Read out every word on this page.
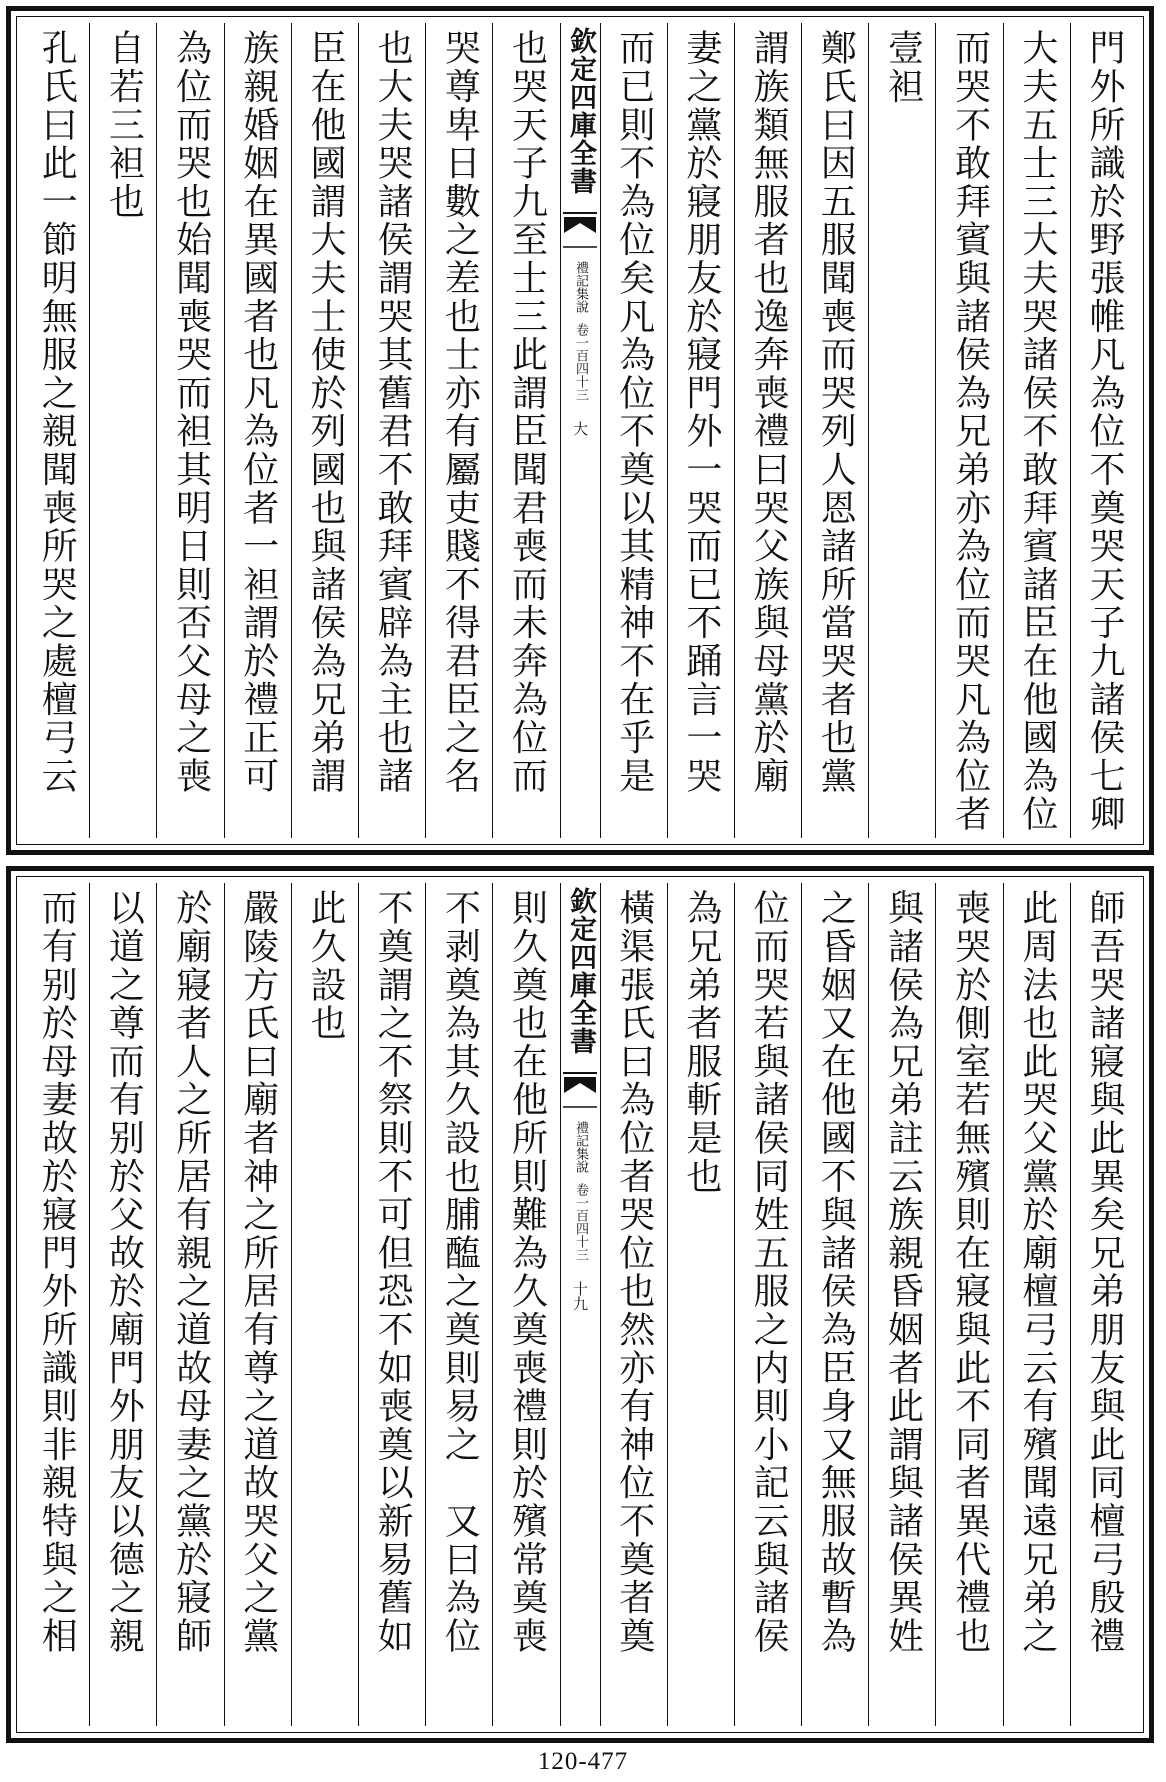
門外所識於野張帷凡為位不奠哭天子九諸侯七卿
大夫五士三大夫哭諸侯不敢拜賓諸臣在他國為位
而哭不敢拜賓與諸侯為兄弟亦為位而哭凡為位者
壹袒
鄭氏曰因五服聞喪而哭列人恩諸所當哭者也黨
謂族類無服者也逸奔喪禮曰哭父族與母黨於廟
妻之黨於寢朋友於寢門外一哭而已不踊言一哭
而已則不為位矣凡為位不奠以其精神不在乎是
欽定四庫全書
禮記集說
卷一百四十三
大
也哭天子九至士三此謂臣聞君喪而未奔為位而
哭尊卑日數之差也士亦有屬吏賤不得君臣之名
也大夫哭諸侯謂哭其舊君不敢拜賓辟為主也諸
臣在他國謂大夫士使於列國也與諸侯為兄弟謂
族親婚姻在異國者也凡為位者一袒謂於禮正可
為位而哭也始聞喪哭而袒其明日則否父母之喪
自若三袒也
孔氏曰此一節明無服之親聞喪所哭之處檀弓云
師吾哭諸寢與此異矣兄弟朋友與此同檀弓殷禮
此周法也此哭父黨於廟檀弓云有殯聞遠兄弟之
喪哭於側室若無殯則在寢與此不同者異代禮也
與諸侯為兄弟註云族親昏姻者此謂與諸侯異姓
之昏姻又在他國不與諸侯為臣身又無服故暫為
位而哭若與諸侯同姓五服之内則小記云與諸侯
為兄弟者服斬是也
橫渠張氏曰為位者哭位也然亦有神位不奠者奠
欽定四庫全書
禮記集說
卷一百四十三
十九
則久奠也在他所則難為久奠喪禮則於殯常奠喪
不剥奠為其久設也脯醢之奠則易之　又曰為位
不奠謂之不祭則不可但恐不如喪奠以新易舊如
此久設也
嚴陵方氏曰廟者神之所居有尊之道故哭父之黨
於廟寢者人之所居有親之道故母妻之黨於寢師
以道之尊而有别於父故於廟門外朋友以德之親
而有别於母妻故於寢門外所識則非親特與之相
120-477
